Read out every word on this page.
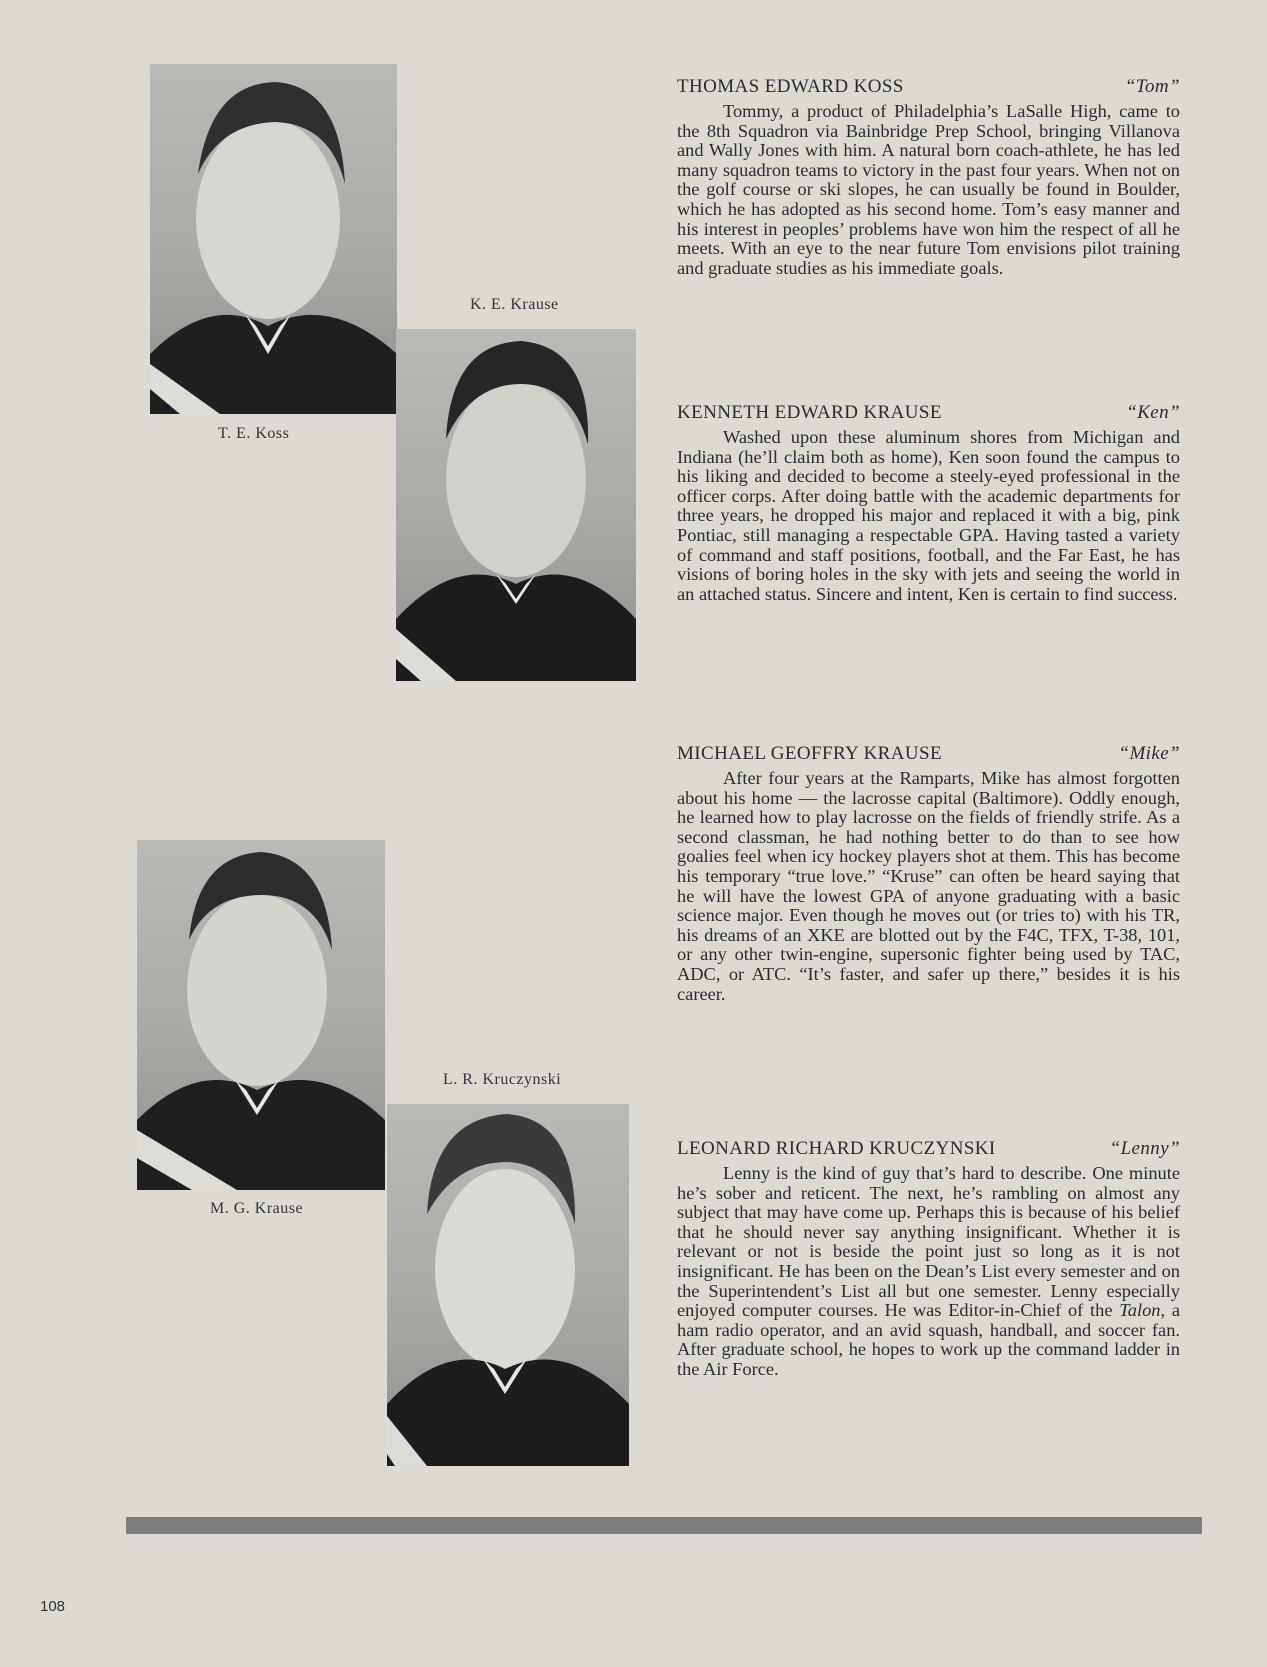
T. E. Koss
K. E. Krause
M. G. Krause
L. R. Kruczynski
THOMAS EDWARD KOSS	“Tom”

Tommy, a product of Philadelphia’s LaSalle High, came to the 8th Squadron via Bainbridge Prep School, bringing Villanova and Wally Jones with him. A natural born coach-athlete, he has led many squadron teams to victory in the past four years. When not on the golf course or ski slopes, he can usually be found in Boulder, which he has adopted as his second home. Tom’s easy manner and his interest in peoples’ problems have won him the respect of all he meets. With an eye to the near future Tom envisions pilot training and graduate studies as his immediate goals.

KENNETH EDWARD KRAUSE	“Ken”

Washed upon these aluminum shores from Michigan and Indiana (he’ll claim both as home), Ken soon found the campus to his liking and decided to become a steely-eyed professional in the officer corps. After doing battle with the academic departments for three years, he dropped his major and replaced it with a big, pink Pontiac, still managing a respectable GPA. Having tasted a variety of command and staff positions, football, and the Far East, he has visions of boring holes in the sky with jets and seeing the world in an attached status. Sincere and intent, Ken is certain to find success.

MICHAEL GEOFFRY KRAUSE	“Mike”

After four years at the Ramparts, Mike has almost forgotten about his home — the lacrosse capital (Baltimore). Oddly enough, he learned how to play lacrosse on the fields of friendly strife. As a second classman, he had nothing better to do than to see how goalies feel when icy hockey players shot at them. This has become his temporary “true love.” “Kruse” can often be heard saying that he will have the lowest GPA of anyone graduating with a basic science major. Even though he moves out (or tries to) with his TR, his dreams of an XKE are blotted out by the F4C, TFX, T-38, 101, or any other twin-engine, supersonic fighter being used by TAC, ADC, or ATC. “It’s faster, and safer up there,” besides it is his career.

LEONARD RICHARD KRUCZYNSKI	“Lenny”

Lenny is the kind of guy that’s hard to describe. One minute he’s sober and reticent. The next, he’s rambling on almost any subject that may have come up. Perhaps this is because of his belief that he should never say anything insignificant. Whether it is relevant or not is beside the point just so long as it is not insignificant. He has been on the Dean’s List every semester and on the Superintendent’s List all but one semester. Lenny especially enjoyed computer courses. He was Editor-in-Chief of the Talon, a ham radio operator, and an avid squash, handball, and soccer fan. After graduate school, he hopes to work up the command ladder in the Air Force.

108
